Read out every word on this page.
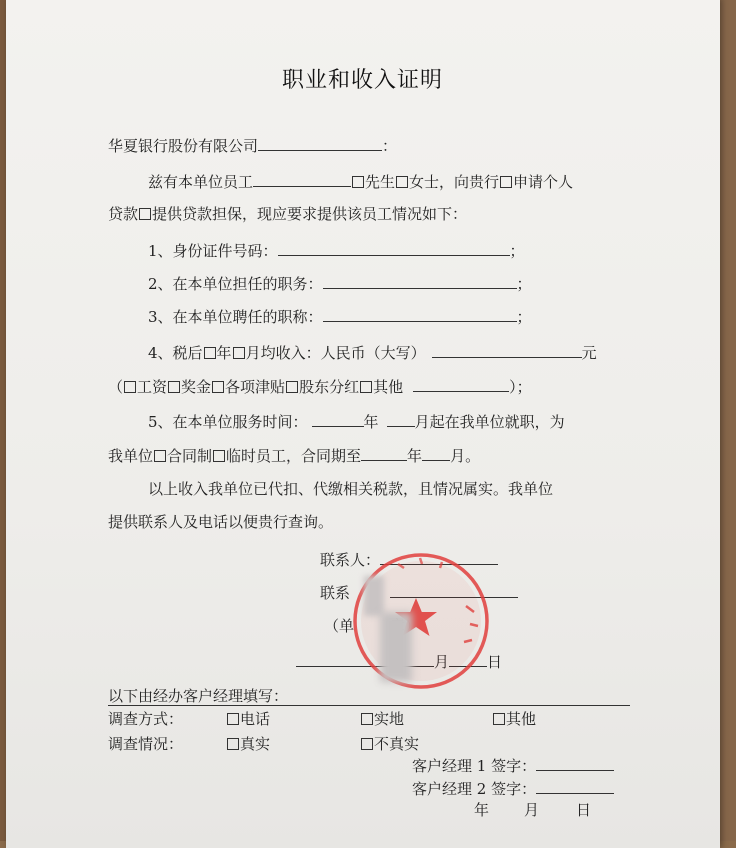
职业和收入证明
华夏银行股份有限公司	：
兹有本单位员工	先生 女士，向贵行 申请个人
贷款 提供贷款担保，现应要求提供该员工情况如下：
1、身份证件号码：	；
2、在本单位担任的职务：	；
3、在本单位聘任的职称：	；
4、税后 年 月均收入：人民币（大写）	元
（ 工资 奖金 各项津贴 股东分红 其他	）；
5、在本单位服务时间：	年 月起在我单位就职，为
我单位 合同制 临时员工，合同期至	年 月。
以上收入我单位已代扣、代缴相关税款，且情况属实。我单位
提供联系人及电话以便贵行查询。
联系人：
联系
（单
月	日
以下由经办客户经理填写：
调查方式：	电话	实地	其他
调查情况：	真实	不真实
客户经理 1 签字：
客户经理 2 签字：
年 月 日
